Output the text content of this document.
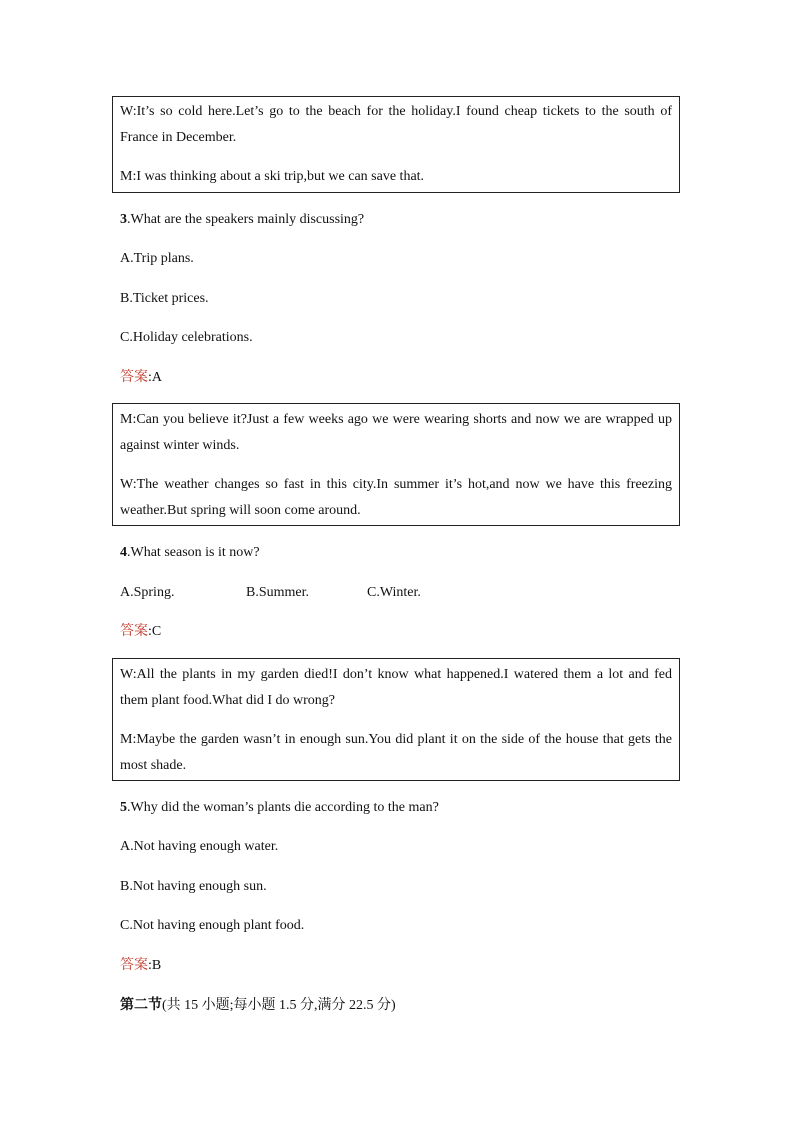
W:It’s so cold here.Let’s go to the beach for the holiday.I found cheap tickets to the south of France in December.

M:I was thinking about a ski trip,but we can save that.

3.What are the speakers mainly discussing?
A.Trip plans.
B.Ticket prices.
C.Holiday celebrations.
答案:A

M:Can you believe it?Just a few weeks ago we were wearing shorts and now we are wrapped up against winter winds.

W:The weather changes so fast in this city.In summer it’s hot,and now we have this freezing weather.But spring will soon come around.

4.What season is it now?
A.Spring.	B.Summer.	C.Winter.
答案:C

W:All the plants in my garden died!I don’t know what happened.I watered them a lot and fed them plant food.What did I do wrong?

M:Maybe the garden wasn’t in enough sun.You did plant it on the side of the house that gets the most shade.

5.Why did the woman’s plants die according to the man?
A.Not having enough water.
B.Not having enough sun.
C.Not having enough plant food.
答案:B
第二节(共 15 小题;每小题 1.5 分,满分 22.5 分)
